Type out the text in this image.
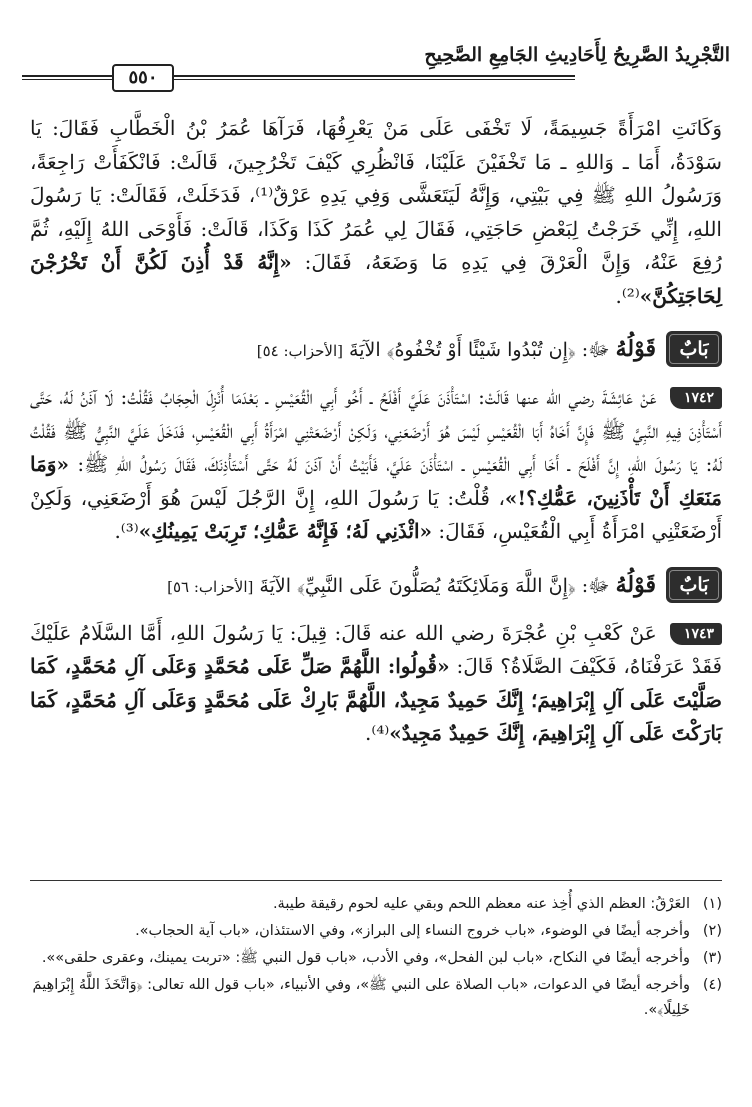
التَّجْرِيدُ الصَّرِيحُ لِأَحَادِيثِ الجَامِعِ الصَّحِيحِ
٥٥٠

وَكَانَتِ امْرَأَةً جَسِيمَةً، لَا تَخْفَى عَلَى مَنْ يَعْرِفُهَا، فَرَآهَا عُمَرُ بْنُ الْخَطَّابِ فَقَالَ: يَا سَوْدَةُ، أَمَا ـ وَاللهِ ـ مَا تَخْفَيْنَ عَلَيْنَا، فَانْظُرِي كَيْفَ تَخْرُجِينَ، قَالَتْ: فَانْكَفَأَتْ رَاجِعَةً، وَرَسُولُ اللهِ ﷺ فِي بَيْتِي، وَإِنَّهُ لَيَتَعَشَّى وَفِي يَدِهِ عَرْقٌ⁽¹⁾، فَدَخَلَتْ، فَقَالَتْ: يَا رَسُولَ اللهِ، إِنِّي خَرَجْتُ لِبَعْضِ حَاجَتِي، فَقَالَ لِي عُمَرُ كَذَا وَكَذَا، قَالَتْ: فَأَوْحَى اللهُ إِلَيْهِ، ثُمَّ رُفِعَ عَنْهُ، وَإِنَّ الْعَرْقَ فِي يَدِهِ مَا وَضَعَهُ، فَقَالَ: «إِنَّهُ قَدْ أُذِنَ لَكُنَّ أَنْ تَخْرُجْنَ لِحَاجَتِكُنَّ»⁽²⁾.

بَابٌ
قَوْلُهُ ﷻ: ﴿إِن تُبْدُوا شَيْئًا أَوْ تُخْفُوهُ﴾ الآيَةَ [الأحزاب: ٥٤]

١٧٤٢ عَنْ عَائِشَةَ رضي الله عنها قَالَتْ: اسْتَأْذَنَ عَلَيَّ أَفْلَحُ ـ أَخُو أَبِي الْقُعَيْسِ ـ بَعْدَمَا أُنْزِلَ الْحِجَابُ فَقُلْتُ: لَا آذَنُ لَهُ، حَتَّى أَسْتَأْذِنَ فِيهِ النَّبِيَّ ﷺ فَإِنَّ أَخَاهُ أَبَا الْقُعَيْسِ لَيْسَ هُوَ أَرْضَعَنِي، وَلَكِنْ أَرْضَعَتْنِي امْرَأَةُ أَبِي الْقُعَيْسِ، فَدَخَلَ عَلَيَّ النَّبِيُّ ﷺ فَقُلْتُ لَهُ: يَا رَسُولَ اللهِ، إِنَّ أَفْلَحَ ـ أَخَا أَبِي الْقُعَيْسِ ـ اسْتَأْذَنَ عَلَيَّ، فَأَبَيْتُ أَنْ آذَنَ لَهُ حَتَّى أَسْتَأْذِنَكَ، فَقَالَ رَسُولُ اللهِ ﷺ: «وَمَا مَنَعَكِ أَنْ تَأْذَنِينَ، عَمُّكِ؟!»، قُلْتُ: يَا رَسُولَ اللهِ، إِنَّ الرَّجُلَ لَيْسَ هُوَ أَرْضَعَنِي، وَلَكِنْ أَرْضَعَتْنِي امْرَأَةُ أَبِي الْقُعَيْسِ، فَقَالَ: «ائْذَنِي لَهُ؛ فَإِنَّهُ عَمُّكِ؛ تَرِبَتْ يَمِينُكِ»⁽³⁾.

بَابٌ
قَوْلُهُ ﷻ: ﴿إِنَّ اللَّهَ وَمَلَائِكَتَهُ يُصَلُّونَ عَلَى النَّبِيِّ﴾ الآيَةَ [الأحزاب: ٥٦]

١٧٤٣ عَنْ كَعْبِ بْنِ عُجْرَةَ رضي الله عنه قَالَ: قِيلَ: يَا رَسُولَ اللهِ، أَمَّا السَّلَامُ عَلَيْكَ فَقَدْ عَرَفْنَاهُ، فَكَيْفَ الصَّلَاةُ؟ قَالَ: «قُولُوا: اللَّهُمَّ صَلِّ عَلَى مُحَمَّدٍ وَعَلَى آلِ مُحَمَّدٍ، كَمَا صَلَّيْتَ عَلَى آلِ إِبْرَاهِيمَ؛ إِنَّكَ حَمِيدٌ مَجِيدٌ، اللَّهُمَّ بَارِكْ عَلَى مُحَمَّدٍ وَعَلَى آلِ مُحَمَّدٍ، كَمَا بَارَكْتَ عَلَى آلِ إِبْرَاهِيمَ، إِنَّكَ حَمِيدٌ مَجِيدٌ»⁽⁴⁾.

(١)
العَرْقُ: العظم الذي أُخِذ عنه معظم اللحم وبقي عليه لحوم رقيقة طيبة.
(٢)
وأخرجه أيضًا في الوضوء، «باب خروج النساء إلى البراز»، وفي الاستئذان، «باب آية الحجاب».
(٣)
وأخرجه أيضًا في النكاح، «باب لبن الفحل»، وفي الأدب، «باب قول النبي ﷺ: «تربت يمينك، وعقرى حلقى»».
(٤)
وأخرجه أيضًا في الدعوات، «باب الصلاة على النبي ﷺ»، وفي الأنبياء، «باب قول الله تعالى: ﴿وَاتَّخَذَ اللَّهُ إِبْرَاهِيمَ خَلِيلًا﴾».
